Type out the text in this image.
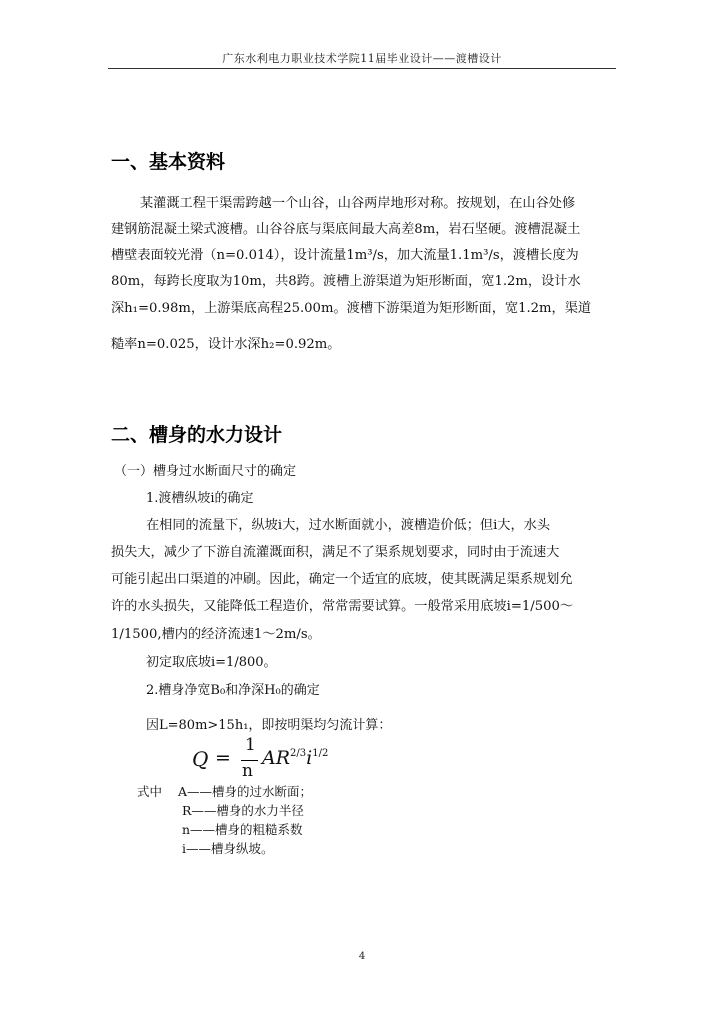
广东水利电力职业技术学院11届毕业设计——渡槽设计
一、基本资料
某灌溉工程干渠需跨越一个山谷，山谷两岸地形对称。按规划，在山谷处修
建钢筋混凝土梁式渡槽。山谷谷底与渠底间最大高差8m，岩石坚硬。渡槽混凝土
槽壁表面较光滑（n=0.014），设计流量1m³/s，加大流量1.1m³/s，渡槽长度为
80m，每跨长度取为10m，共8跨。渡槽上游渠道为矩形断面，宽1.2m，设计水
深h₁=0.98m，上游渠底高程25.00m。渡槽下游渠道为矩形断面，宽1.2m，渠道
糙率n=0.025，设计水深h₂=0.92m。
二、槽身的水力设计
（一）槽身过水断面尺寸的确定
1.渡槽纵坡i的确定
在相同的流量下，纵坡i大，过水断面就小，渡槽造价低；但i大，水头
损失大，减少了下游自流灌溉面积，满足不了渠系规划要求，同时由于流速大
可能引起出口渠道的冲刷。因此，确定一个适宜的底坡，使其既满足渠系规划允
许的水头损失，又能降低工程造价，常常需要试算。一般常采用底坡i=1/500～
1/1500,槽内的经济流速1～2m/s。
初定取底坡i=1/800。
2.槽身净宽B₀和净深H₀的确定
因L=80m>15h₁，即按明渠均匀流计算：
Q =
1
n
$AR^{2/3}i^{1/2}$
式中 A——槽身的过水断面；
R——槽身的水力半径
n——槽身的粗糙系数
i——槽身纵坡。
4
